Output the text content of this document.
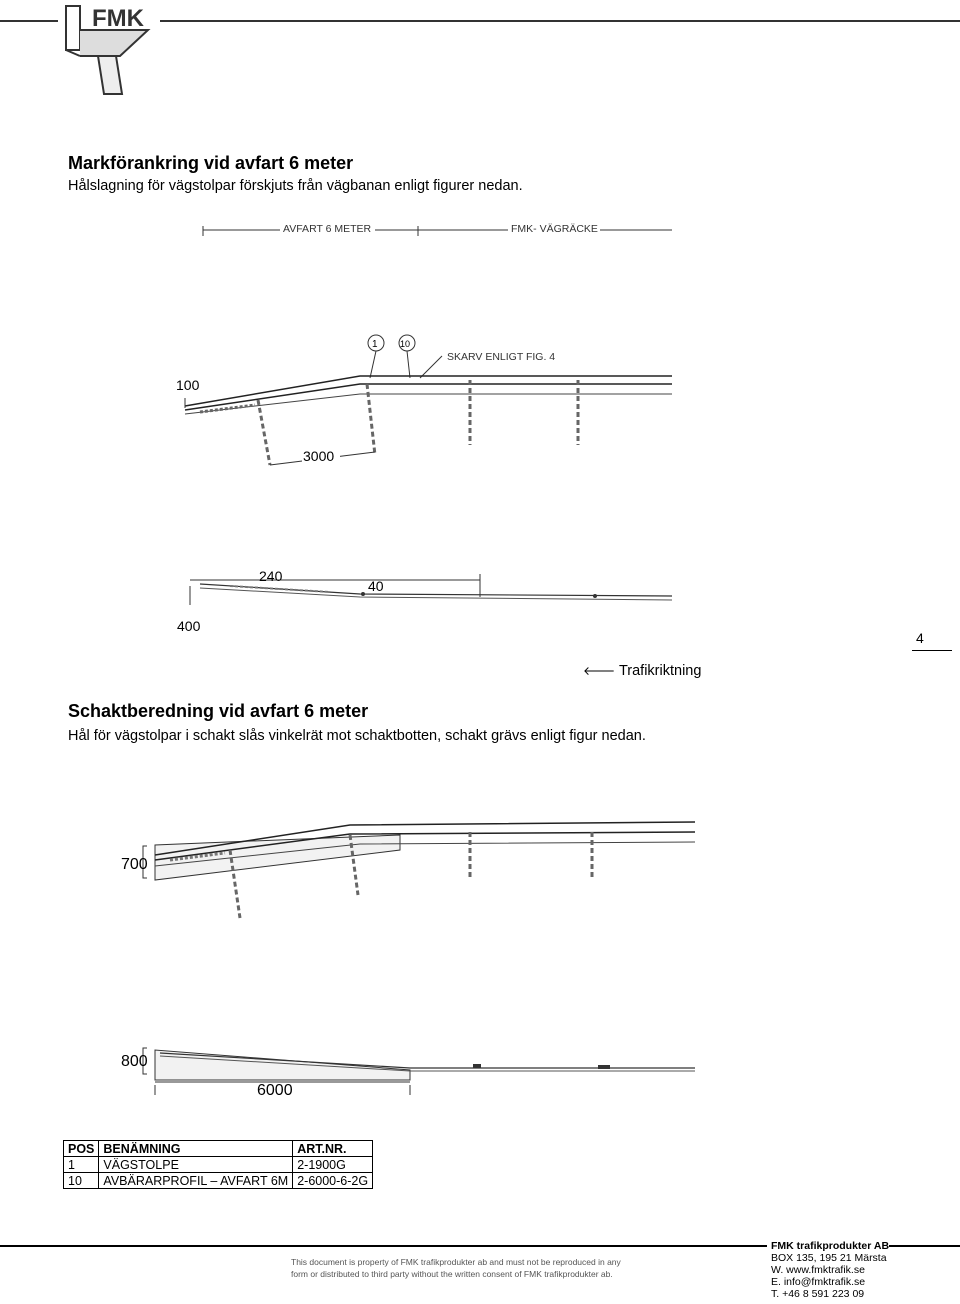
FMK
Markförankring vid avfart 6 meter
Hålslagning för vägstolpar förskjuts från vägbanan enligt figurer nedan.
AVFART 6 METER	FMK- VÄGRÄCKE
1 10
SKARV ENLIGT FIG. 4
100
3000
240
40
400
4
🡐 Trafikriktning
Schaktberedning vid avfart 6 meter
Hål för vägstolpar i schakt slås vinkelrät mot schaktbotten, schakt grävs enligt figur nedan.
700
800
6000
POS	BENÄMNING	ART.NR.
1	VÄGSTOLPE	2-1900G
10	AVBÄRARPROFIL – AVFART 6M	2-6000-6-2G
This document is property of FMK trafikprodukter ab and must not be reproduced in any
form or distributed to third party without the written consent of FMK trafikprodukter ab.
FMK trafikprodukter AB
BOX 135, 195 21 Märsta
W. www.fmktrafik.se
E. info@fmktrafik.se
T. +46 8 591 223 09
